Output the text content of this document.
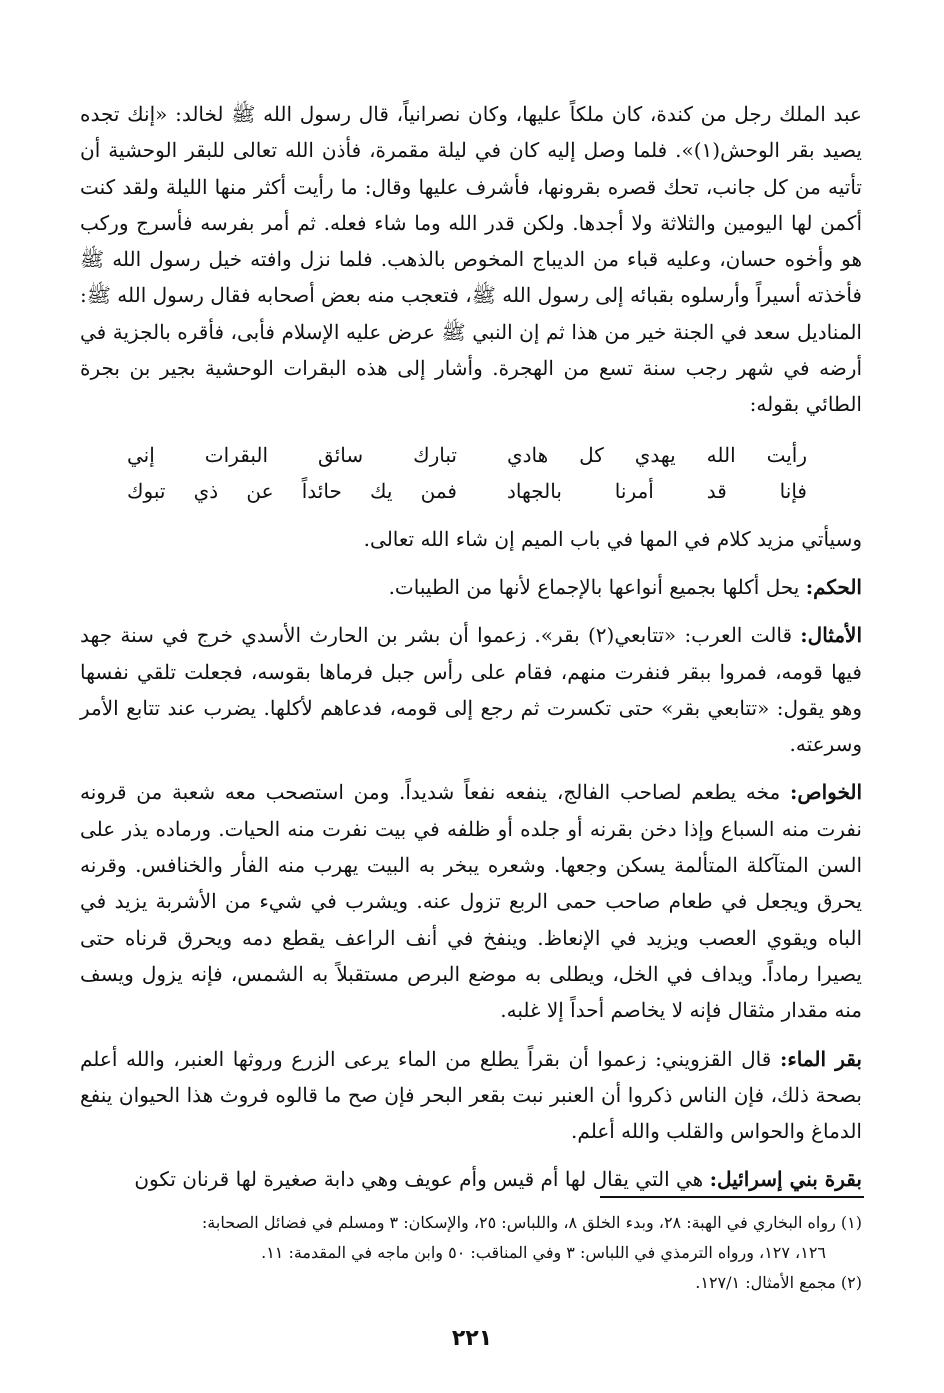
عبد الملك رجل من كندة، كان ملكاً عليها، وكان نصرانياً، قال رسول الله ﷺ لخالد: «إنك تجده يصيد بقر الوحش(١)». فلما وصل إليه كان في ليلة مقمرة، فأذن الله تعالى للبقر الوحشية أن تأتيه من كل جانب، تحك قصره بقرونها، فأشرف عليها وقال: ما رأيت أكثر منها الليلة ولقد كنت أكمن لها اليومين والثلاثة ولا أجدها. ولكن قدر الله وما شاء فعله. ثم أمر بفرسه فأسرج وركب هو وأخوه حسان، وعليه قباء من الديباج المخوص بالذهب. فلما نزل وافته خيل رسول الله ﷺ فأخذته أسيراً وأرسلوه بقبائه إلى رسول الله ﷺ، فتعجب منه بعض أصحابه فقال رسول الله ﷺ: المناديل سعد في الجنة خير من هذا ثم إن النبي ﷺ عرض عليه الإسلام فأبى، فأقره بالجزية في أرضه في شهر رجب سنة تسع من الهجرة. وأشار إلى هذه البقرات الوحشية بجير بن بجرة الطائي بقوله:

رأيت الله يهدي كل هادي
تبارك سائق البقرات إني
فإنا قد أمرنا بالجهاد
فمن يك حائداً عن ذي تبوك

وسيأتي مزيد كلام في المها في باب الميم إن شاء الله تعالى.

الحكم: يحل أكلها بجميع أنواعها بالإجماع لأنها من الطيبات.

الأمثال: قالت العرب: «تتابعي(٢) بقر». زعموا أن بشر بن الحارث الأسدي خرج في سنة جهد فيها قومه، فمروا ببقر فنفرت منهم، فقام على رأس جبل فرماها بقوسه، فجعلت تلقي نفسها وهو يقول: «تتابعي بقر» حتى تكسرت ثم رجع إلى قومه، فدعاهم لأكلها. يضرب عند تتابع الأمر وسرعته.

الخواص: مخه يطعم لصاحب الفالج، ينفعه نفعاً شديداً. ومن استصحب معه شعبة من قرونه نفرت منه السباع وإذا دخن بقرنه أو جلده أو ظلفه في بيت نفرت منه الحيات. ورماده يذر على السن المتآكلة المتألمة يسكن وجعها. وشعره يبخر به البيت يهرب منه الفأر والخنافس. وقرنه يحرق ويجعل في طعام صاحب حمى الربع تزول عنه. ويشرب في شيء من الأشربة يزيد في الباه ويقوي العصب ويزيد في الإنعاظ. وينفخ في أنف الراعف يقطع دمه ويحرق قرناه حتى يصيرا رماداً. ويداف في الخل، ويطلى به موضع البرص مستقبلاً به الشمس، فإنه يزول ويسف منه مقدار مثقال فإنه لا يخاصم أحداً إلا غلبه.

بقر الماء: قال القزويني: زعموا أن بقراً يطلع من الماء يرعى الزرع وروثها العنبر، والله أعلم بصحة ذلك، فإن الناس ذكروا أن العنبر نبت بقعر البحر فإن صح ما قالوه فروث هذا الحيوان ينفع الدماغ والحواس والقلب والله أعلم.

بقرة بني إسرائيل: هي التي يقال لها أم قيس وأم عويف وهي دابة صغيرة لها قرنان تكون

(١) رواه البخاري في الهبة: ٢٨، وبدء الخلق ٨، واللباس: ٢٥، والإسكان: ٣ ومسلم في فضائل الصحابة:

١٢٦، ١٢٧، ورواه الترمذي في اللباس: ٣ وفي المناقب: ٥٠ وابن ماجه في المقدمة: ١١.

(٢) مجمع الأمثال: ١٢٧/١.

٢٢١
